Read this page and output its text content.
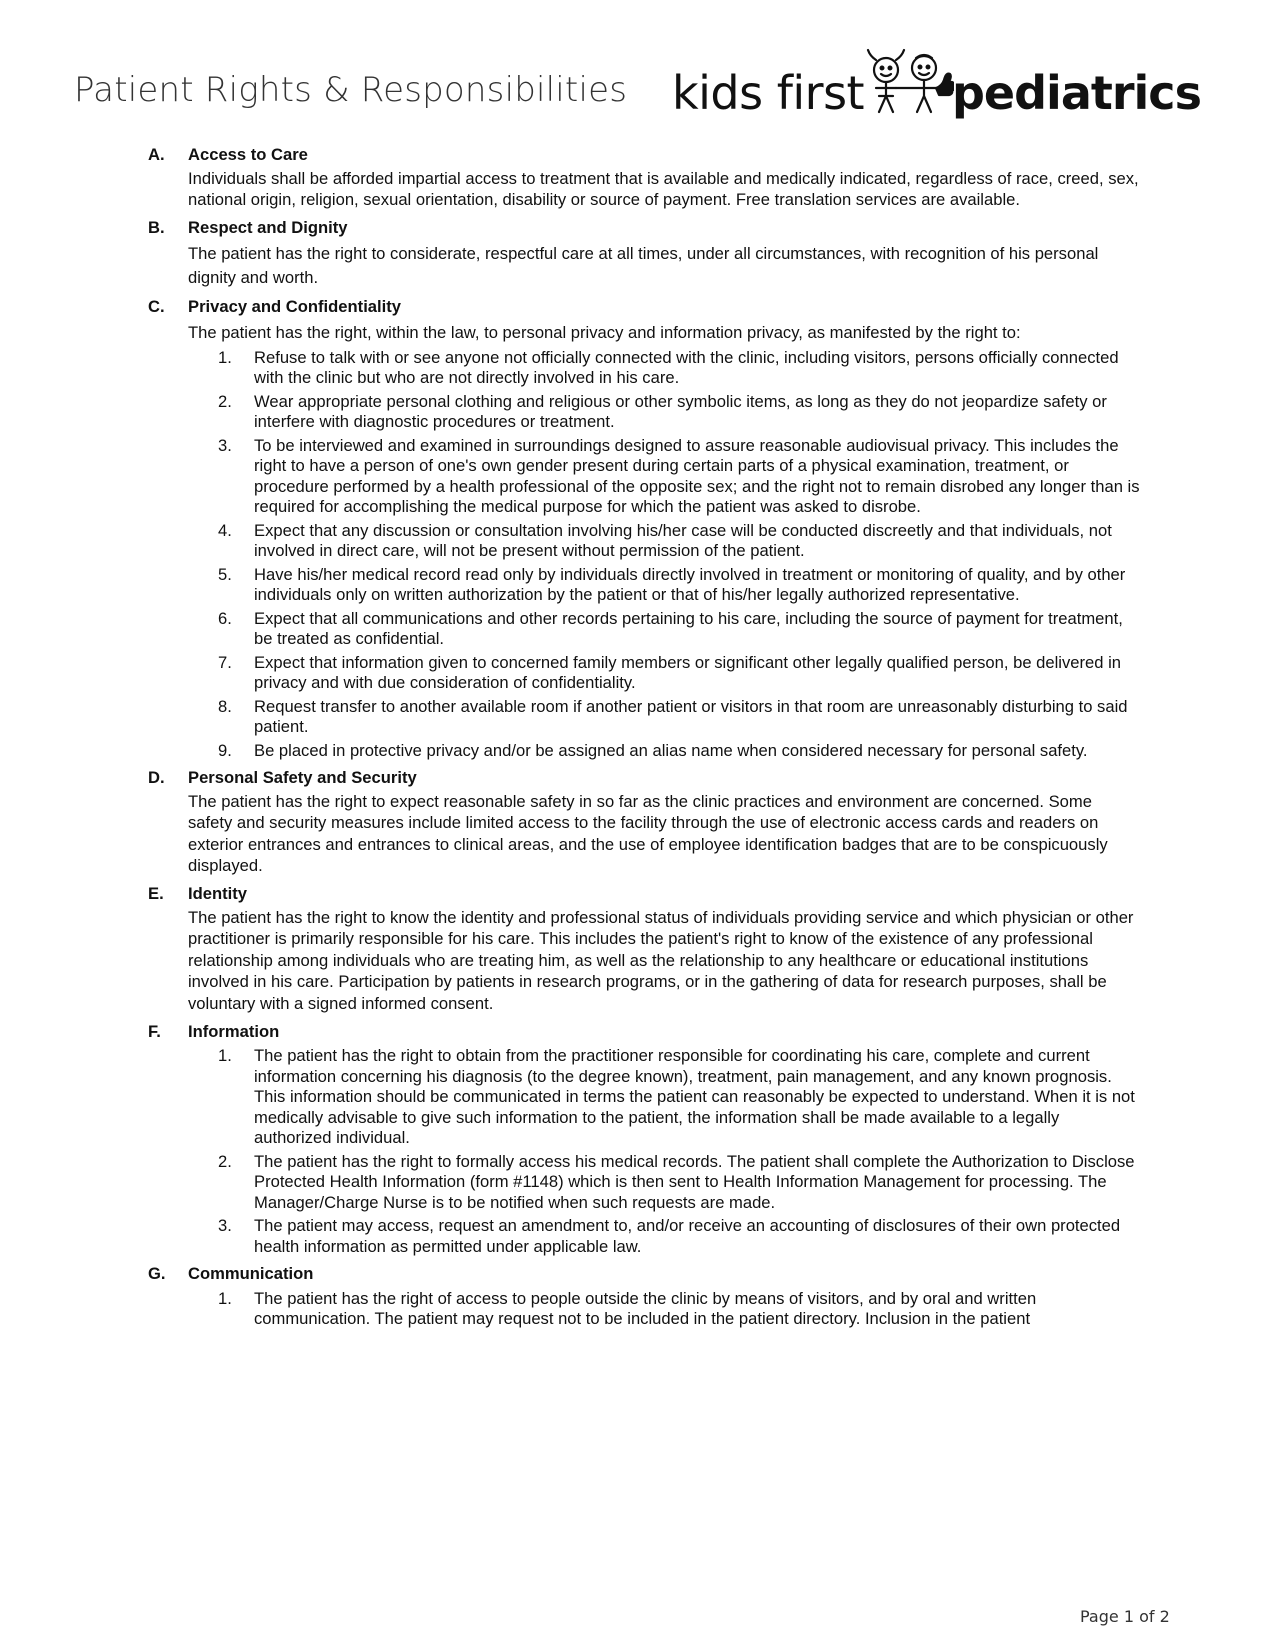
Patient Rights & Responsibilities kids first pediatrics
A. Access to Care

Individuals shall be afforded impartial access to treatment that is available and medically indicated, regardless of race, creed, sex, national origin, religion, sexual orientation, disability or source of payment. Free translation services are available.

B. Respect and Dignity

The patient has the right to considerate, respectful care at all times, under all circumstances, with recognition of his personal dignity and worth.

C. Privacy and Confidentiality

The patient has the right, within the law, to personal privacy and information privacy, as manifested by the right to:

1. Refuse to talk with or see anyone not officially connected with the clinic, including visitors, persons officially connected with the clinic but who are not directly involved in his care.
2. Wear appropriate personal clothing and religious or other symbolic items, as long as they do not jeopardize safety or interfere with diagnostic procedures or treatment.
3. To be interviewed and examined in surroundings designed to assure reasonable audiovisual privacy. This includes the right to have a person of one's own gender present during certain parts of a physical examination, treatment, or procedure performed by a health professional of the opposite sex; and the right not to remain disrobed any longer than is required for accomplishing the medical purpose for which the patient was asked to disrobe.
4. Expect that any discussion or consultation involving his/her case will be conducted discreetly and that individuals, not involved in direct care, will not be present without permission of the patient.
5. Have his/her medical record read only by individuals directly involved in treatment or monitoring of quality, and by other individuals only on written authorization by the patient or that of his/her legally authorized representative.
6. Expect that all communications and other records pertaining to his care, including the source of payment for treatment, be treated as confidential.
7. Expect that information given to concerned family members or significant other legally qualified person, be delivered in privacy and with due consideration of confidentiality.
8. Request transfer to another available room if another patient or visitors in that room are unreasonably disturbing to said patient.
9. Be placed in protective privacy and/or be assigned an alias name when considered necessary for personal safety.
D. Personal Safety and Security

The patient has the right to expect reasonable safety in so far as the clinic practices and environment are concerned. Some safety and security measures include limited access to the facility through the use of electronic access cards and readers on exterior entrances and entrances to clinical areas, and the use of employee identification badges that are to be conspicuously displayed.

E. Identity

The patient has the right to know the identity and professional status of individuals providing service and which physician or other practitioner is primarily responsible for his care. This includes the patient's right to know of the existence of any professional relationship among individuals who are treating him, as well as the relationship to any healthcare or educational institutions involved in his care. Participation by patients in research programs, or in the gathering of data for research purposes, shall be voluntary with a signed informed consent.

F. Information
1. The patient has the right to obtain from the practitioner responsible for coordinating his care, complete and current information concerning his diagnosis (to the degree known), treatment, pain management, and any known prognosis. This information should be communicated in terms the patient can reasonably be expected to understand. When it is not medically advisable to give such information to the patient, the information shall be made available to a legally authorized individual.
2. The patient has the right to formally access his medical records. The patient shall complete the Authorization to Disclose Protected Health Information (form #1148) which is then sent to Health Information Management for processing. The Manager/Charge Nurse is to be notified when such requests are made.
3. The patient may access, request an amendment to, and/or receive an accounting of disclosures of their own protected health information as permitted under applicable law.
G. Communication
1. The patient has the right of access to people outside the clinic by means of visitors, and by oral and written communication. The patient may request not to be included in the patient directory. Inclusion in the patient
Page 1 of 2
